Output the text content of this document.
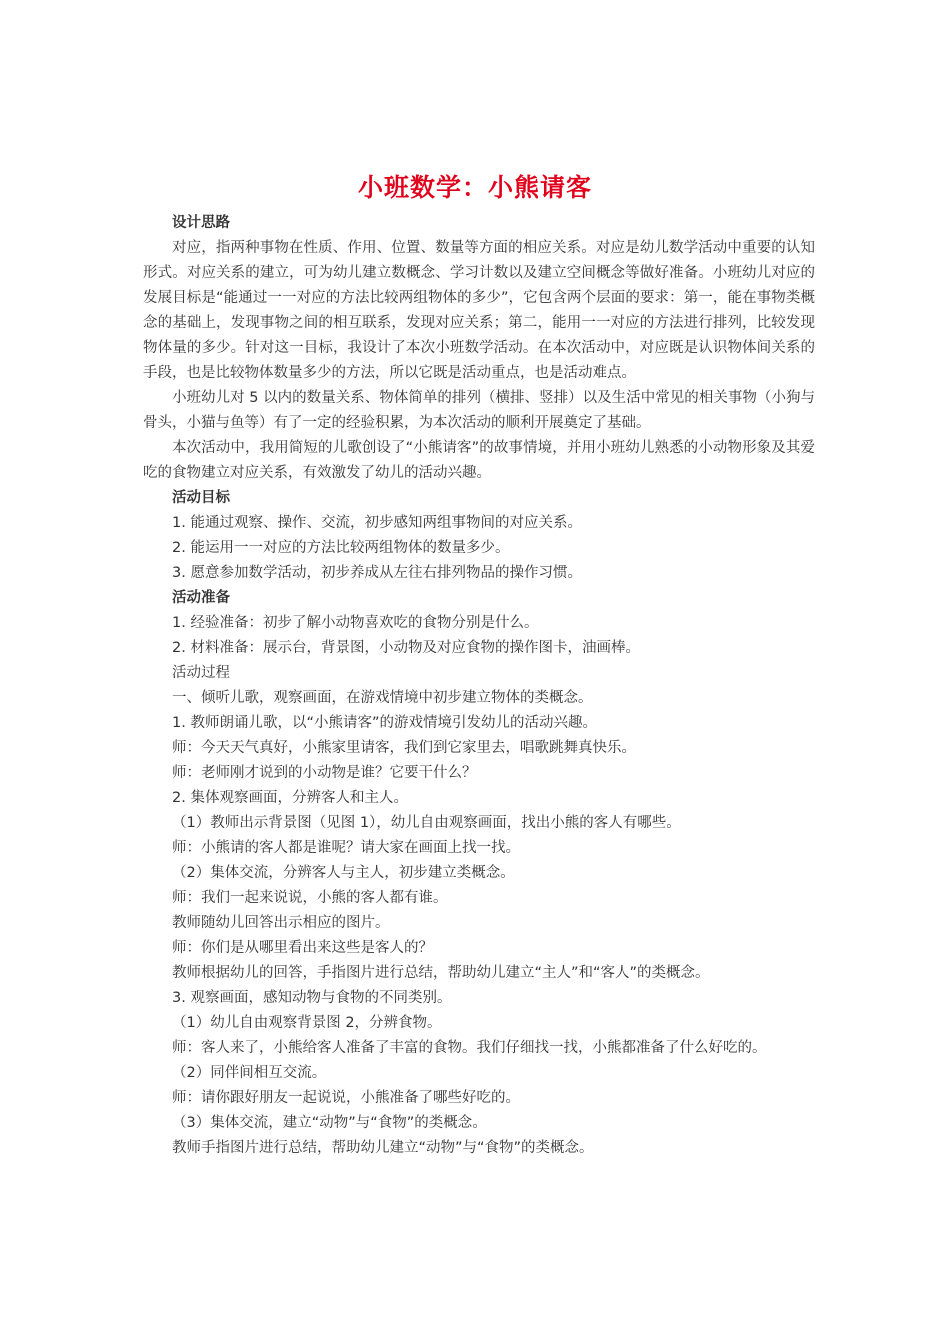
小班数学：小熊请客

设计思路

对应，指两种事物在性质、作用、位置、数量等方面的相应关系。对应是幼儿数学活动中重要的认知形式。对应关系的建立，可为幼儿建立数概念、学习计数以及建立空间概念等做好准备。小班幼儿对应的发展目标是“能通过一一对应的方法比较两组物体的多少”，它包含两个层面的要求：第一，能在事物类概念的基础上，发现事物之间的相互联系，发现对应关系；第二，能用一一对应的方法进行排列，比较发现物体量的多少。针对这一目标，我设计了本次小班数学活动。在本次活动中，对应既是认识物体间关系的手段，也是比较物体数量多少的方法，所以它既是活动重点，也是活动难点。

小班幼儿对 5 以内的数量关系、物体简单的排列（横排、竖排）以及生活中常见的相关事物（小狗与骨头，小猫与鱼等）有了一定的经验积累，为本次活动的顺利开展奠定了基础。

本次活动中，我用简短的儿歌创设了“小熊请客”的故事情境，并用小班幼儿熟悉的小动物形象及其爱吃的食物建立对应关系，有效激发了幼儿的活动兴趣。

活动目标

1. 能通过观察、操作、交流，初步感知两组事物间的对应关系。

2. 能运用一一对应的方法比较两组物体的数量多少。

3. 愿意参加数学活动，初步养成从左往右排列物品的操作习惯。

活动准备

1. 经验准备：初步了解小动物喜欢吃的食物分别是什么。

2. 材料准备：展示台，背景图，小动物及对应食物的操作图卡，油画棒。

活动过程

一、倾听儿歌，观察画面，在游戏情境中初步建立物体的类概念。

1. 教师朗诵儿歌，以“小熊请客”的游戏情境引发幼儿的活动兴趣。

师：今天天气真好，小熊家里请客，我们到它家里去，唱歌跳舞真快乐。

师：老师刚才说到的小动物是谁？它要干什么？

2. 集体观察画面，分辨客人和主人。

（1）教师出示背景图（见图 1），幼儿自由观察画面，找出小熊的客人有哪些。

师：小熊请的客人都是谁呢？请大家在画面上找一找。

（2）集体交流，分辨客人与主人，初步建立类概念。

师：我们一起来说说，小熊的客人都有谁。

教师随幼儿回答出示相应的图片。

师：你们是从哪里看出来这些是客人的？

教师根据幼儿的回答，手指图片进行总结，帮助幼儿建立“主人”和“客人”的类概念。

3. 观察画面，感知动物与食物的不同类别。

（1）幼儿自由观察背景图 2，分辨食物。

师：客人来了，小熊给客人准备了丰富的食物。我们仔细找一找，小熊都准备了什么好吃的。

（2）同伴间相互交流。

师：请你跟好朋友一起说说，小熊准备了哪些好吃的。

（3）集体交流，建立“动物”与“食物”的类概念。

教师手指图片进行总结，帮助幼儿建立“动物”与“食物”的类概念。
